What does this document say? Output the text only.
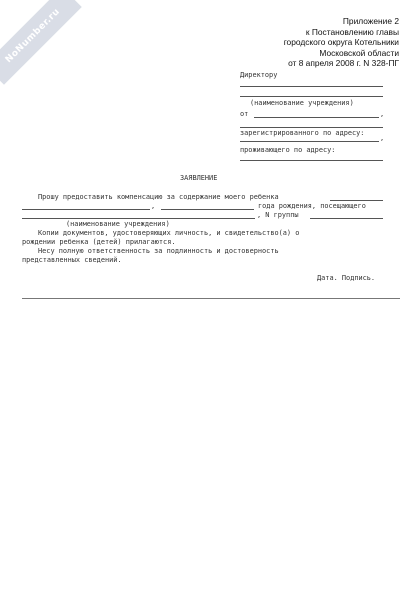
NoNumber.ru	Приложение 2
к Постановлению главы
городского округа Котельники
Московской области
от 8 апреля 2008 г. N 328-ПГ
Директору
(наименование учреждения)
от	,
зарегистрированного по адресу:
,
проживающего по адресу:
ЗАЯВЛЕНИЕ
Прошу предоставить компенсацию за содержание моего ребенка
,	года рождения, посещающего
, N группы
(наименование учреждения)
Копии документов, удостоверяющих личность, и свидетельство(а) о
рождении ребенка (детей) прилагаются.
Несу полную ответственность за подлинность и достоверность
представленных сведений.
Дата. Подпись.
